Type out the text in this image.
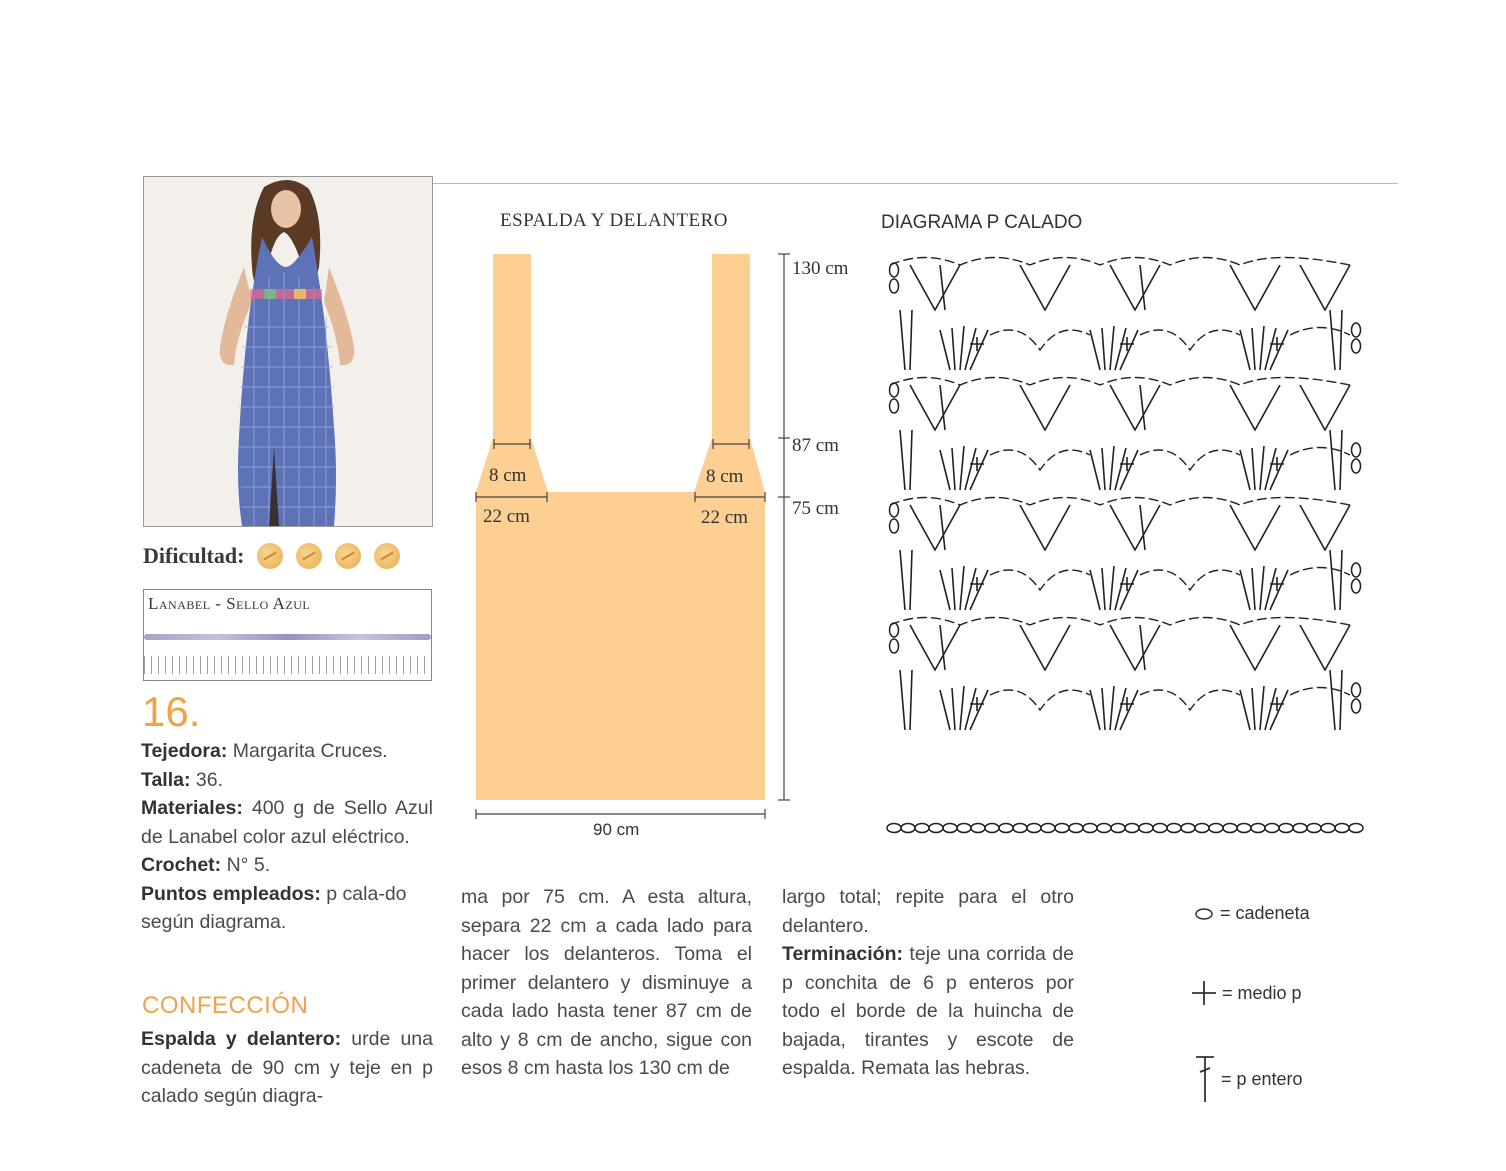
Dificultad:
Lanabel - Sello Azul
16.
Tejedora: Margarita Cruces.
Talla: 36.
Materiales: 400 g de Sello Azul de Lanabel color azul eléctrico.
Crochet: N° 5.
Puntos empleados: p cala-do según diagrama.
CONFECCIÓN
Espalda y delantero: urde una cadeneta de 90 cm y teje en p calado según diagra-
ma por 75 cm. A esta altura, separa 22 cm a cada lado para hacer los delanteros. Toma el primer delantero y disminuye a cada lado hasta tener 87 cm de alto y 8 cm de ancho, sigue con esos 8 cm hasta los 130 cm de
largo total; repite para el otro delantero.
Terminación: teje una corrida de p conchita de 6 p enteros por todo el borde de la huincha de bajada, tirantes y escote de espalda. Remata las hebras.
ESPALDA Y DELANTERO
8 cm	8 cm
22 cm	22 cm
130 cm
87 cm
75 cm
90 cm
DIAGRAMA P CALADO
= cadeneta
= medio p
= p entero
